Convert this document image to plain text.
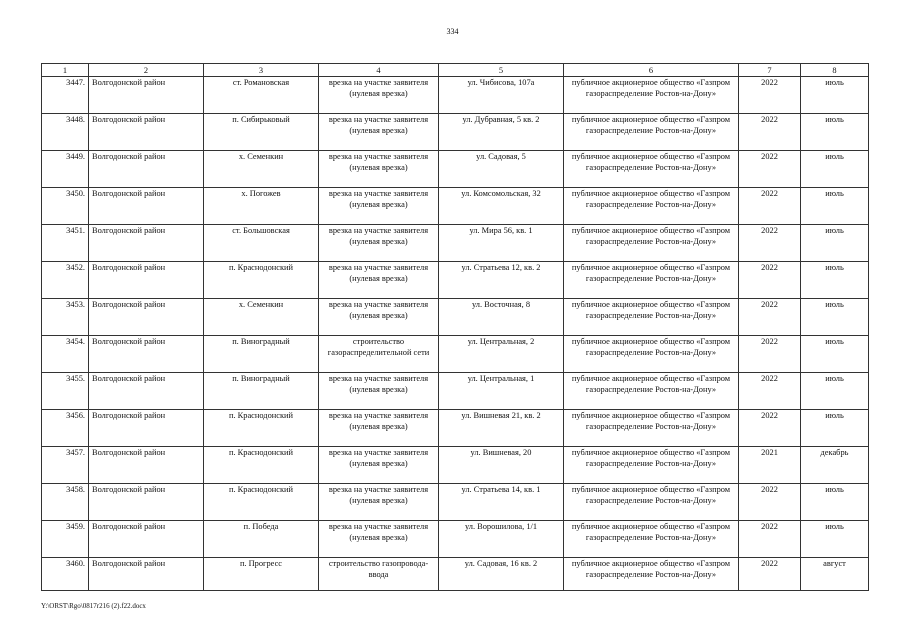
334
1	2	3	4	5	6	7	8
3447.	Волгодонской район	ст. Романовская	врезка на участке заявителя (нулевая врезка)	ул. Чибисова, 107а	публичное акционерное общество «Газпром газораспределение Ростов-на-Дону»	2022	июль
3448.	Волгодонской район	п. Сибирьковый	врезка на участке заявителя (нулевая врезка)	ул. Дубравная, 5 кв. 2	публичное акционерное общество «Газпром газораспределение Ростов-на-Дону»	2022	июль
3449.	Волгодонской район	х. Семенкин	врезка на участке заявителя (нулевая врезка)	ул. Садовая, 5	публичное акционерное общество «Газпром газораспределение Ростов-на-Дону»	2022	июль
3450.	Волгодонской район	х. Погожев	врезка на участке заявителя (нулевая врезка)	ул. Комсомольская, 32	публичное акционерное общество «Газпром газораспределение Ростов-на-Дону»	2022	июль
3451.	Волгодонской район	ст. Большовская	врезка на участке заявителя (нулевая врезка)	ул. Мира 56, кв. 1	публичное акционерное общество «Газпром газораспределение Ростов-на-Дону»	2022	июль
3452.	Волгодонской район	п. Краснодонский	врезка на участке заявителя (нулевая врезка)	ул. Стратьева 12, кв. 2	публичное акционерное общество «Газпром газораспределение Ростов-на-Дону»	2022	июль
3453.	Волгодонской район	х. Семенкин	врезка на участке заявителя (нулевая врезка)	ул. Восточная, 8	публичное акционерное общество «Газпром газораспределение Ростов-на-Дону»	2022	июль
3454.	Волгодонской район	п. Виноградный	строительство газораспределительной сети	ул. Центральная, 2	публичное акционерное общество «Газпром газораспределение Ростов-на-Дону»	2022	июль
3455.	Волгодонской район	п. Виноградный	врезка на участке заявителя (нулевая врезка)	ул. Центральная, 1	публичное акционерное общество «Газпром газораспределение Ростов-на-Дону»	2022	июль
3456.	Волгодонской район	п. Краснодонский	врезка на участке заявителя (нулевая врезка)	ул. Вишневая 21, кв. 2	публичное акционерное общество «Газпром газораспределение Ростов-на-Дону»	2022	июль
3457.	Волгодонской район	п. Краснодонский	врезка на участке заявителя (нулевая врезка)	ул. Вишневая, 20	публичное акционерное общество «Газпром газораспределение Ростов-на-Дону»	2021	декабрь
3458.	Волгодонской район	п. Краснодонский	врезка на участке заявителя (нулевая врезка)	ул. Стратьева 14, кв. 1	публичное акционерное общество «Газпром газораспределение Ростов-на-Дону»	2022	июль
3459.	Волгодонской район	п. Победа	врезка на участке заявителя (нулевая врезка)	ул. Ворошилова, 1/1	публичное акционерное общество «Газпром газораспределение Ростов-на-Дону»	2022	июль
3460.	Волгодонской район	п. Прогресс	строительство газопровода-ввода	ул. Садовая, 16 кв. 2	публичное акционерное общество «Газпром газораспределение Ростов-на-Дону»	2022	август
Y:\ORST\Rgo\0817r216 (2).f22.docx
